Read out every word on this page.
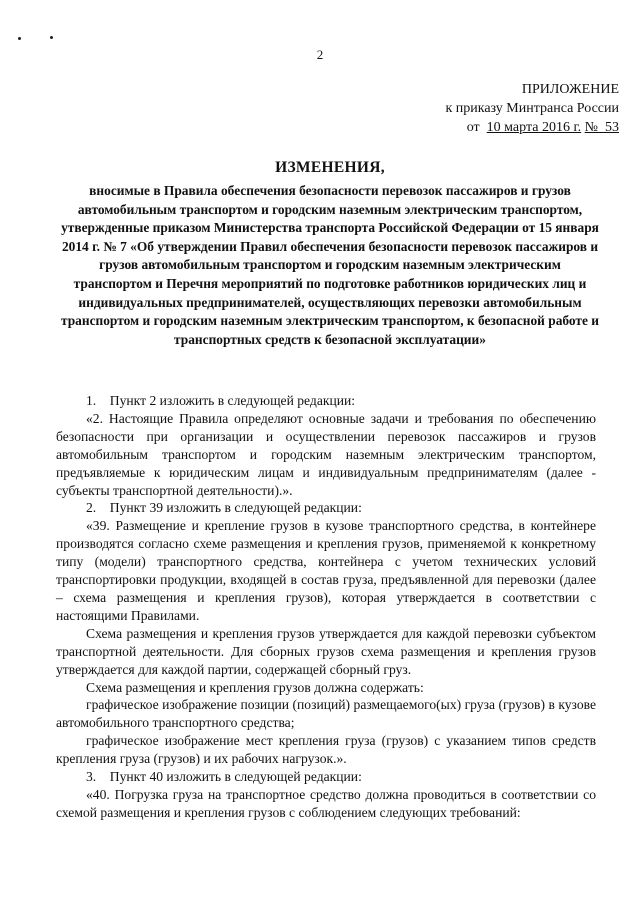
2
ПРИЛОЖЕНИЕ
к приказу Минтранса России
от 10 марта 2016 г. № 53
ИЗМЕНЕНИЯ,
вносимые в Правила обеспечения безопасности перевозок пассажиров и грузов автомобильным транспортом и городским наземным электрическим транспортом, утвержденные приказом Министерства транспорта Российской Федерации от 15 января 2014 г. № 7 «Об утверждении Правил обеспечения безопасности перевозок пассажиров и грузов автомобильным транспортом и городским наземным электрическим транспортом и Перечня мероприятий по подготовке работников юридических лиц и индивидуальных предпринимателей, осуществляющих перевозки автомобильным транспортом и городским наземным электрическим транспортом, к безопасной работе и транспортных средств к безопасной эксплуатации»

1.    Пункт 2 изложить в следующей редакции:

«2. Настоящие Правила определяют основные задачи и требования по обеспечению безопасности при организации и осуществлении перевозок пассажиров и грузов автомобильным транспортом и городским наземным электрическим транспортом, предъявляемые к юридическим лицам и индивидуальным предпринимателям (далее - субъекты транспортной деятельности).».

2.    Пункт 39 изложить в следующей редакции:

«39. Размещение и крепление грузов в кузове транспортного средства, в контейнере производятся согласно схеме размещения и крепления грузов, применяемой к конкретному типу (модели) транспортного средства, контейнера с учетом технических условий транспортировки продукции, входящей в состав груза, предъявленной для перевозки (далее – схема размещения и крепления грузов), которая утверждается в соответствии с настоящими Правилами.

Схема размещения и крепления грузов утверждается для каждой перевозки субъектом транспортной деятельности. Для сборных грузов схема размещения и крепления грузов утверждается для каждой партии, содержащей сборный груз.

Схема размещения и крепления грузов должна содержать:

графическое изображение позиции (позиций) размещаемого(ых) груза (грузов) в кузове автомобильного транспортного средства;

графическое изображение мест крепления груза (грузов) с указанием типов средств крепления груза (грузов) и их рабочих нагрузок.».

3.    Пункт 40 изложить в следующей редакции:

«40. Погрузка груза на транспортное средство должна проводиться в соответствии со схемой размещения и крепления грузов с соблюдением следующих требований:
